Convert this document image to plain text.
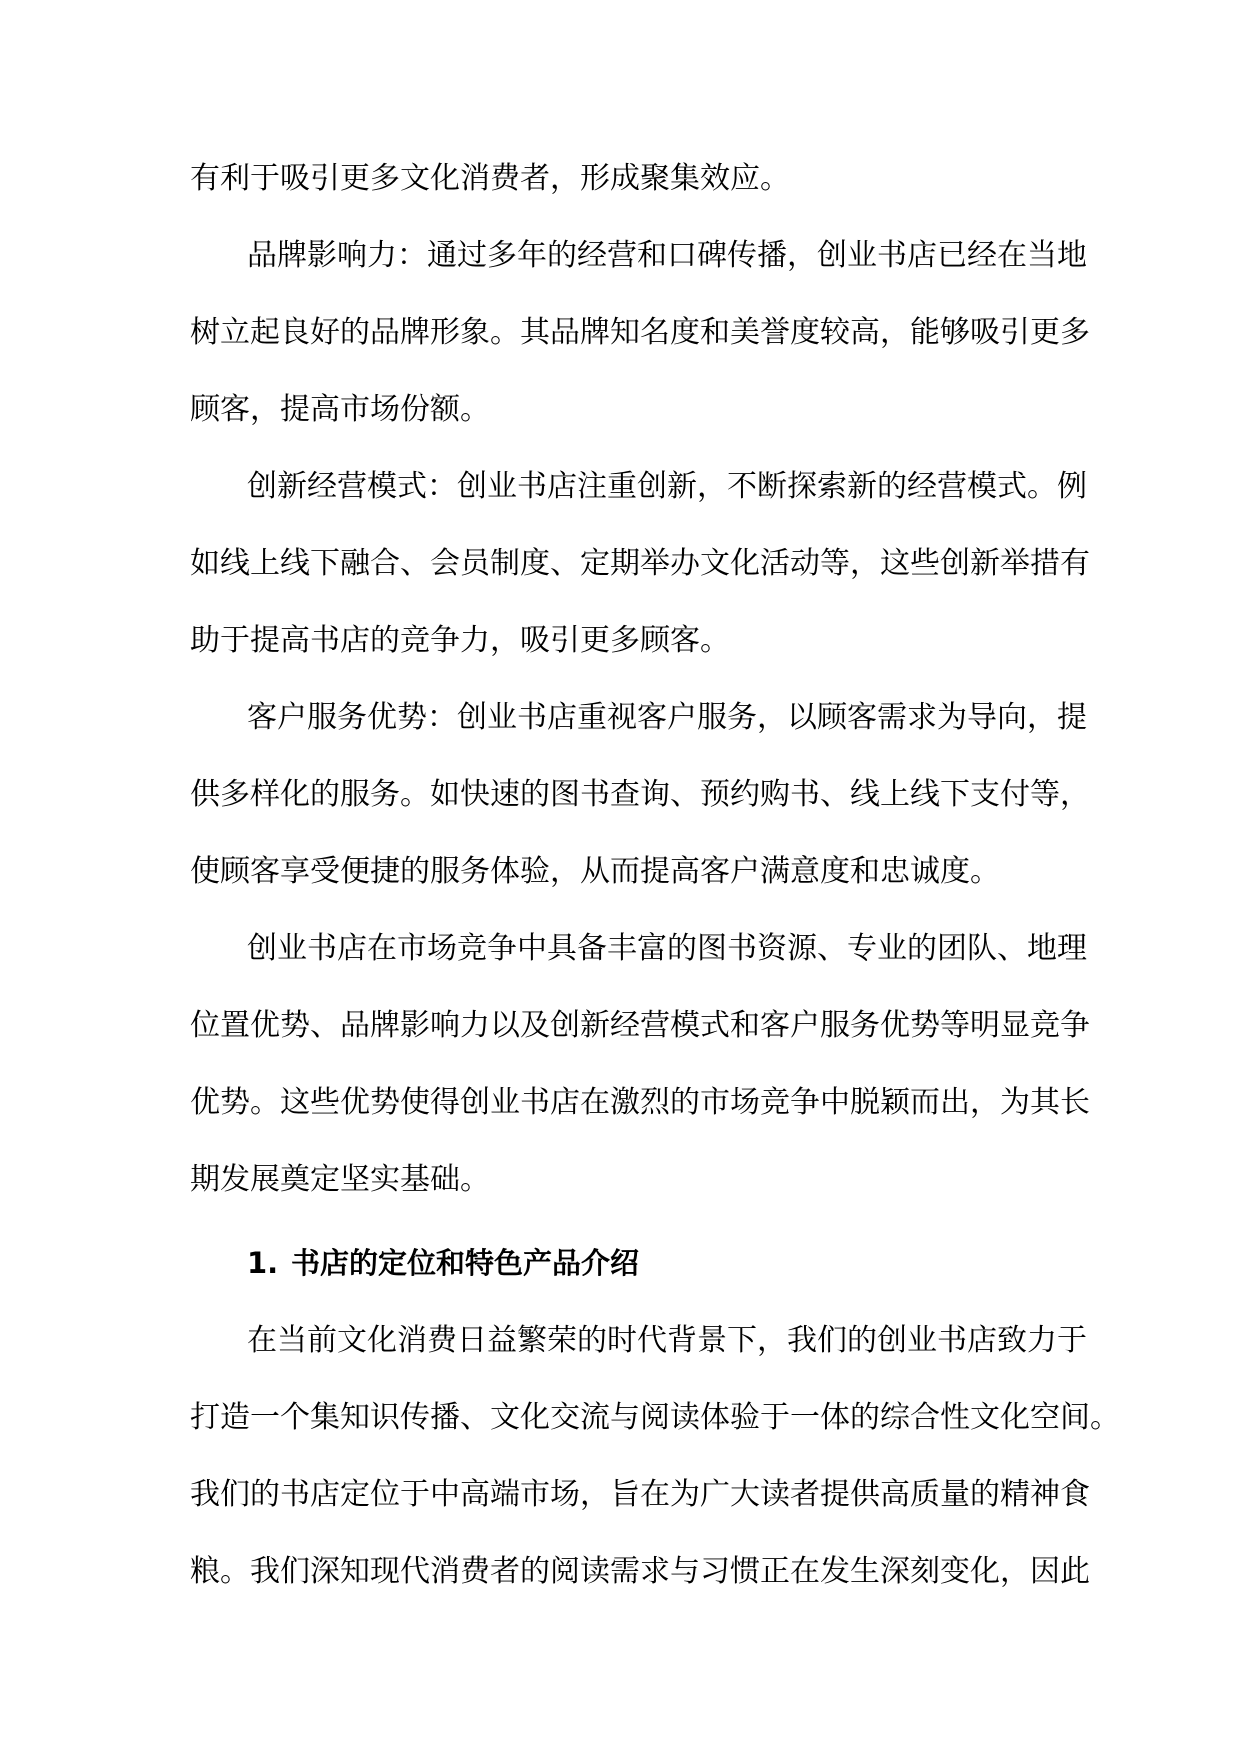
有利于吸引更多文化消费者，形成聚集效应。

品牌影响力：通过多年的经营和口碑传播，创业书店已经在当地

树立起良好的品牌形象。其品牌知名度和美誉度较高，能够吸引更多

顾客，提高市场份额。

创新经营模式：创业书店注重创新，不断探索新的经营模式。例

如线上线下融合、会员制度、定期举办文化活动等，这些创新举措有

助于提高书店的竞争力，吸引更多顾客。

客户服务优势：创业书店重视客户服务，以顾客需求为导向，提

供多样化的服务。如快速的图书查询、预约购书、线上线下支付等，

使顾客享受便捷的服务体验，从而提高客户满意度和忠诚度。

创业书店在市场竞争中具备丰富的图书资源、专业的团队、地理

位置优势、品牌影响力以及创新经营模式和客户服务优势等明显竞争

优势。这些优势使得创业书店在激烈的市场竞争中脱颖而出，为其长

期发展奠定坚实基础。

1. 书店的定位和特色产品介绍

在当前文化消费日益繁荣的时代背景下，我们的创业书店致力于

打造一个集知识传播、文化交流与阅读体验于一体的综合性文化空间。

我们的书店定位于中高端市场，旨在为广大读者提供高质量的精神食

粮。我们深知现代消费者的阅读需求与习惯正在发生深刻变化，因此
